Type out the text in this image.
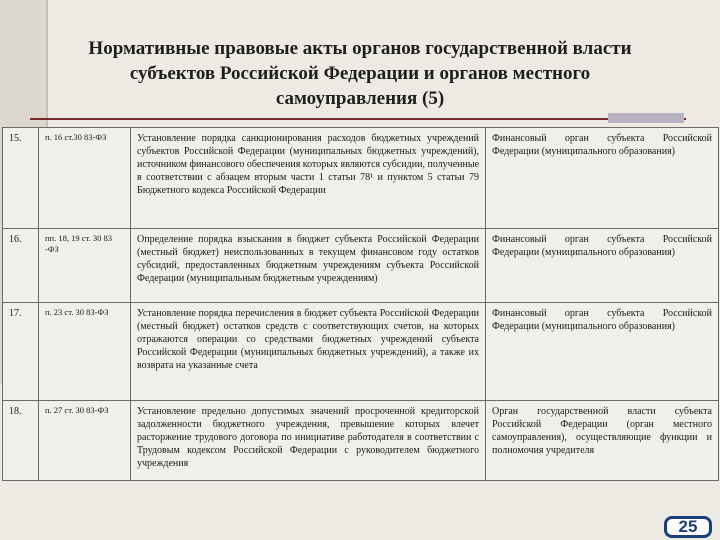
Нормативные правовые акты органов государственной власти
субъектов Российской Федерации и органов местного
самоуправления (5)
15.	п. 16 ст.30 83-ФЗ	Установление порядка санкционирования расходов бюджетных учреждений субъектов Российской Федерации (муниципальных бюджетных учреждений), источником финансового обеспечения которых являются субсидии, полученные в соответствии с абзацем вторым части 1 статьи 78¹ и пунктом 5 статьи 79 Бюджетного кодекса Российской Федерации	Финансовый орган субъекта Российской Федерации (муниципального образования)
16.	пп. 18, 19 ст. 30 83 -ФЗ	Определение порядка взыскания в бюджет субъекта Российской Федерации (местный бюджет) неиспользованных в текущем финансовом году остатков субсидий, предоставленных бюджетным учреждениям субъекта Российской Федерации (муниципальным бюджетным учреждениям)	Финансовый орган субъекта Российской Федерации (муниципального образования)
17.	п. 23 ст. 30 83-ФЗ	Установление порядка перечисления в бюджет субъекта Российской Федерации (местный бюджет) остатков средств с соответствующих счетов, на которых отражаются операции со средствами бюджетных учреждений субъекта Российской Федерации (муниципальных бюджетных учреждений), а также их возврата на указанные счета	Финансовый орган субъекта Российской Федерации (муниципального образования)
18.	п. 27 ст. 30 83-ФЗ	Установление предельно допустимых значений просроченной кредиторской задолженности бюджетного учреждения, превышение которых влечет расторжение трудового договора по инициативе работодателя в соответствии с Трудовым кодексом Российской Федерации с руководителем бюджетного учреждения	Орган государственной власти субъекта Российской Федерации (орган местного самоуправления), осуществляющие функции и полномочия учредителя
25
